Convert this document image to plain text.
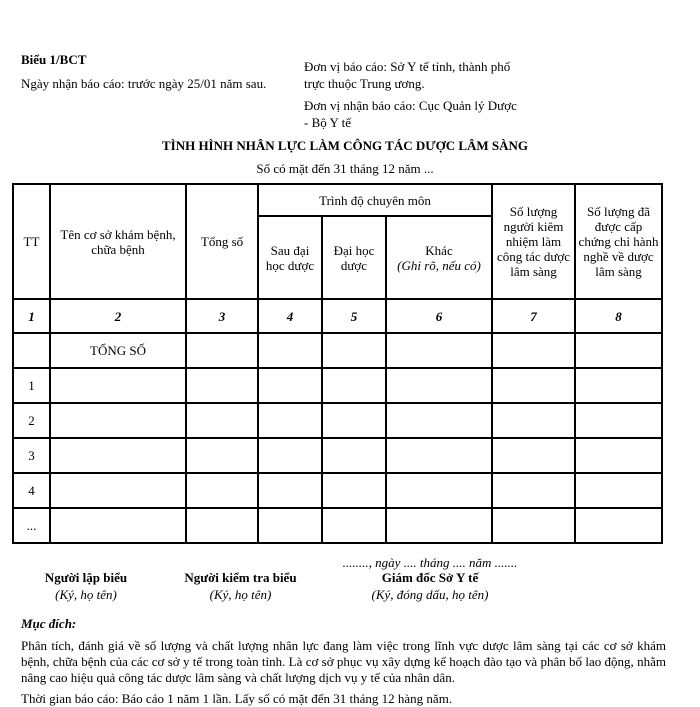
Biểu 1/BCT
Ngày nhận báo cáo: trước ngày 25/01 năm sau.
Đơn vị báo cáo: Sở Y tế tỉnh, thành phố
trực thuộc Trung ương.
Đơn vị nhận báo cáo: Cục Quản lý Dược
- Bộ Y tế
TÌNH HÌNH NHÂN LỰC LÀM CÔNG TÁC DƯỢC LÂM SÀNG
Số có mặt đến 31 tháng 12 năm ...
TT	Tên cơ sở khám bệnh, chữa bệnh	Tổng số	Trình độ chuyên môn			Số lượng người kiêm nhiệm làm công tác dược lâm sàng	Số lượng đã được cấp chứng chỉ hành nghề về dược lâm sàng
			Sau đại học dược	Đại học dược	Khác
(Ghi rõ, nếu có)		

1	2	3	4	5	6	7	8
	TỔNG SỐ						
1							
2							
3							
4							
...							
........, ngày .... tháng .... năm .......
Người lập biểu
(Ký, họ tên)
Người kiểm tra biểu
(Ký, họ tên)
Giám đốc Sở Y tế
(Ký, đóng dấu, họ tên)
Mục đích:
Phân tích, đánh giá về số lượng và chất lượng nhân lực đang làm việc trong lĩnh vực dược lâm sàng tại các cơ sở khám bệnh, chữa bệnh của các cơ sở y tế trong toàn tỉnh. Là cơ sở phục vụ xây dựng kế hoạch đào tạo và phân bổ lao động, nhằm nâng cao hiệu quả công tác dược lâm sàng và chất lượng dịch vụ y tế của nhân dân.
Thời gian báo cáo: Báo cáo 1 năm 1 lần. Lấy số có mặt đến 31 tháng 12 hàng năm.
